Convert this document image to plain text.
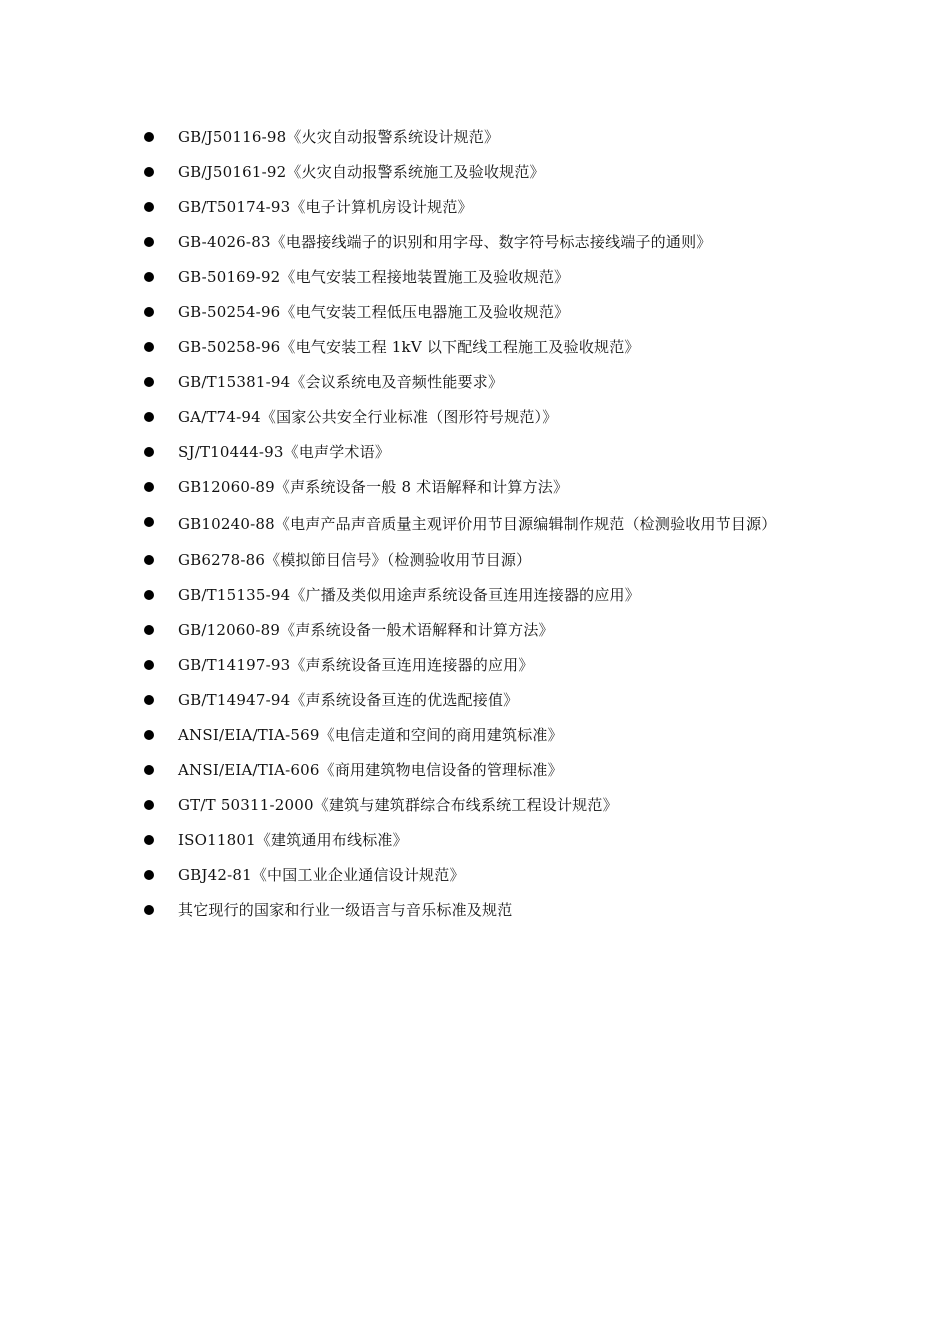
GB/J50116-98《火灾自动报警系统设计规范》
GB/J50161-92《火灾自动报警系统施工及验收规范》
GB/T50174-93《电子计算机房设计规范》
GB-4026-83《电器接线端子的识别和用字母、数字符号标志接线端子的通则》
GB-50169-92《电气安装工程接地装置施工及验收规范》
GB-50254-96《电气安装工程低压电器施工及验收规范》
GB-50258-96《电气安装工程 1kV 以下配线工程施工及验收规范》
GB/T15381-94《会议系统电及音频性能要求》
GA/T74-94《国家公共安全行业标准（图形符号规范）》
SJ/T10444-93《电声学术语》
GB12060-89《声系统设备一般 8 术语解释和计算方法》
GB10240-88《电声产品声音质量主观评价用节目源编辑制作规范（检测验收用节目源）
GB6278-86《模拟節目信号》（检测验收用节目源）
GB/T15135-94《广播及类似用途声系统设备亘连用连接器的应用》
GB/12060-89《声系统设备一般术语解释和计算方法》
GB/T14197-93《声系统设备亘连用连接器的应用》
GB/T14947-94《声系统设备亘连的优选配接值》
ANSI/EIA/TIA-569《电信走道和空间的商用建筑标准》
ANSI/EIA/TIA-606《商用建筑物电信设备的管理标准》
GT/T 50311-2000《建筑与建筑群综合布线系统工程设计规范》
ISO11801《建筑通用布线标准》
GBJ42-81《中国工业企业通信设计规范》
其它现行的国家和行业一级语言与音乐标准及规范
